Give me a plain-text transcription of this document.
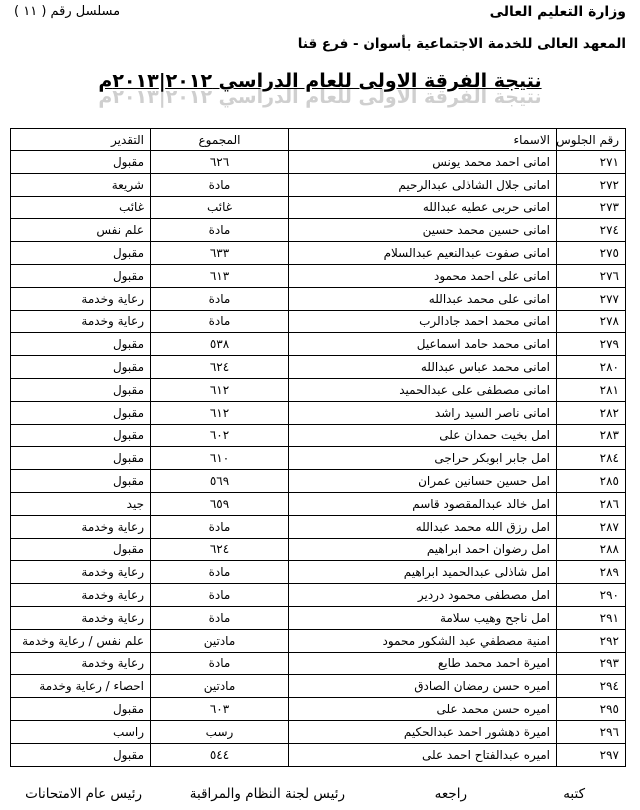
وزارة التعليم العالى
مسلسل رقم ( ١١ )
المعهد العالى للخدمة الاجتماعية بأسوان - فرع قنا
نتيجة الفرقة الاولى للعام الدراسي ٢٠١٢|٢٠١٣م
نتيجة الفرقة الاولى للعام الدراسي ٢٠١٢|٢٠١٣م
رقم الجلوس	الاسماء	المجموع	التقدير
٢٧١	امانى احمد محمد يونس	٦٢٦	مقبول
٢٧٢	امانى جلال الشاذلى عبدالرحيم	مادة	شريعة
٢٧٣	امانى حربى عطيه عبدالله	غائب	غائب
٢٧٤	امانى حسين محمد حسين	مادة	علم نفس
٢٧٥	امانى صفوت عبدالنعيم عبدالسلام	٦٣٣	مقبول
٢٧٦	امانى على احمد محمود	٦١٣	مقبول
٢٧٧	امانى على محمد عبدالله	مادة	رعاية وخدمة
٢٧٨	امانى محمد احمد جادالرب	مادة	رعاية وخدمة
٢٧٩	امانى محمد حامد اسماعيل	٥٣٨	مقبول
٢٨٠	امانى محمد عباس عبدالله	٦٢٤	مقبول
٢٨١	امانى مصطفى على عبدالحميد	٦١٢	مقبول
٢٨٢	امانى ناصر السيد راشد	٦١٢	مقبول
٢٨٣	امل بخيت حمدان على	٦٠٢	مقبول
٢٨٤	امل جابر ابوبكر حراجى	٦١٠	مقبول
٢٨٥	امل حسين حسانين عمران	٥٦٩	مقبول
٢٨٦	امل خالد عبدالمقصود قاسم	٦٥٩	جيد
٢٨٧	امل رزق الله محمد عبدالله	مادة	رعاية وخدمة
٢٨٨	امل رضوان احمد ابراهيم	٦٢٤	مقبول
٢٨٩	امل شاذلى عبدالحميد ابراهيم	مادة	رعاية وخدمة
٢٩٠	امل مصطفى محمود دردير	مادة	رعاية وخدمة
٢٩١	امل ناجح وهيب سلامة	مادة	رعاية وخدمة
٢٩٢	امنية مصطفي عبد الشكور محمود	مادتين	علم نفس / رعاية وخدمة
٢٩٣	اميرة احمد محمد طايع	مادة	رعاية وخدمة
٢٩٤	اميره حسن رمضان الصادق	مادتين	احصاء / رعاية وخدمة
٢٩٥	اميره حسن محمد على	٦٠٣	مقبول
٢٩٦	اميرة دهشور احمد عبدالحكيم	رسب	راسب
٢٩٧	اميره عبدالفتاح احمد على	٥٤٤	مقبول
كتبه
راجعه
رئيس لجنة النظام والمراقبة
رئيس عام الامتحانات
